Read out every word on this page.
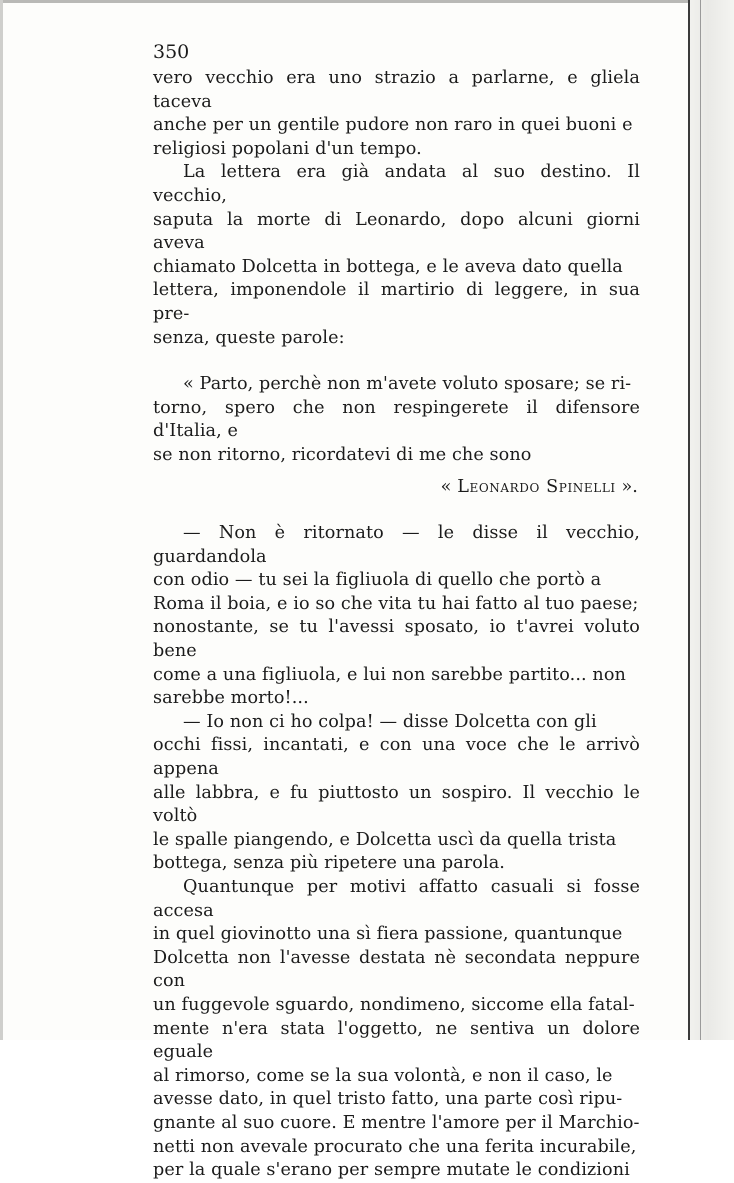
350

vero vecchio era uno strazio a parlarne, e gliela taceva
anche per un gentile pudore non raro in quei buoni e
religiosi popolani d'un tempo.

La lettera era già andata al suo destino. Il vecchio,
saputa la morte di Leonardo, dopo alcuni giorni aveva
chiamato Dolcetta in bottega, e le aveva dato quella
lettera, imponendole il martirio di leggere, in sua pre-
senza, queste parole:

« Parto, perchè non m'avete voluto sposare; se ri-
torno, spero che non respingerete il difensore d'Italia, e
se non ritorno, ricordatevi di me che sono

« Leonardo Spinelli ».

— Non è ritornato — le disse il vecchio, guardandola
con odio — tu sei la figliuola di quello che portò a
Roma il boia, e io so che vita tu hai fatto al tuo paese;
nonostante, se tu l'avessi sposato, io t'avrei voluto bene
come a una figliuola, e lui non sarebbe partito... non
sarebbe morto!...

— Io non ci ho colpa! — disse Dolcetta con gli
occhi fissi, incantati, e con una voce che le arrivò appena
alle labbra, e fu piuttosto un sospiro. Il vecchio le voltò
le spalle piangendo, e Dolcetta uscì da quella trista
bottega, senza più ripetere una parola.

Quantunque per motivi affatto casuali si fosse accesa
in quel giovinotto una sì fiera passione, quantunque
Dolcetta non l'avesse destata nè secondata neppure con
un fuggevole sguardo, nondimeno, siccome ella fatal-
mente n'era stata l'oggetto, ne sentiva un dolore eguale
al rimorso, come se la sua volontà, e non il caso, le
avesse dato, in quel tristo fatto, una parte così ripu-
gnante al suo cuore. E mentre l'amore per il Marchio-
netti non avevale procurato che una ferita incurabile,
per la quale s'erano per sempre mutate le condizioni
